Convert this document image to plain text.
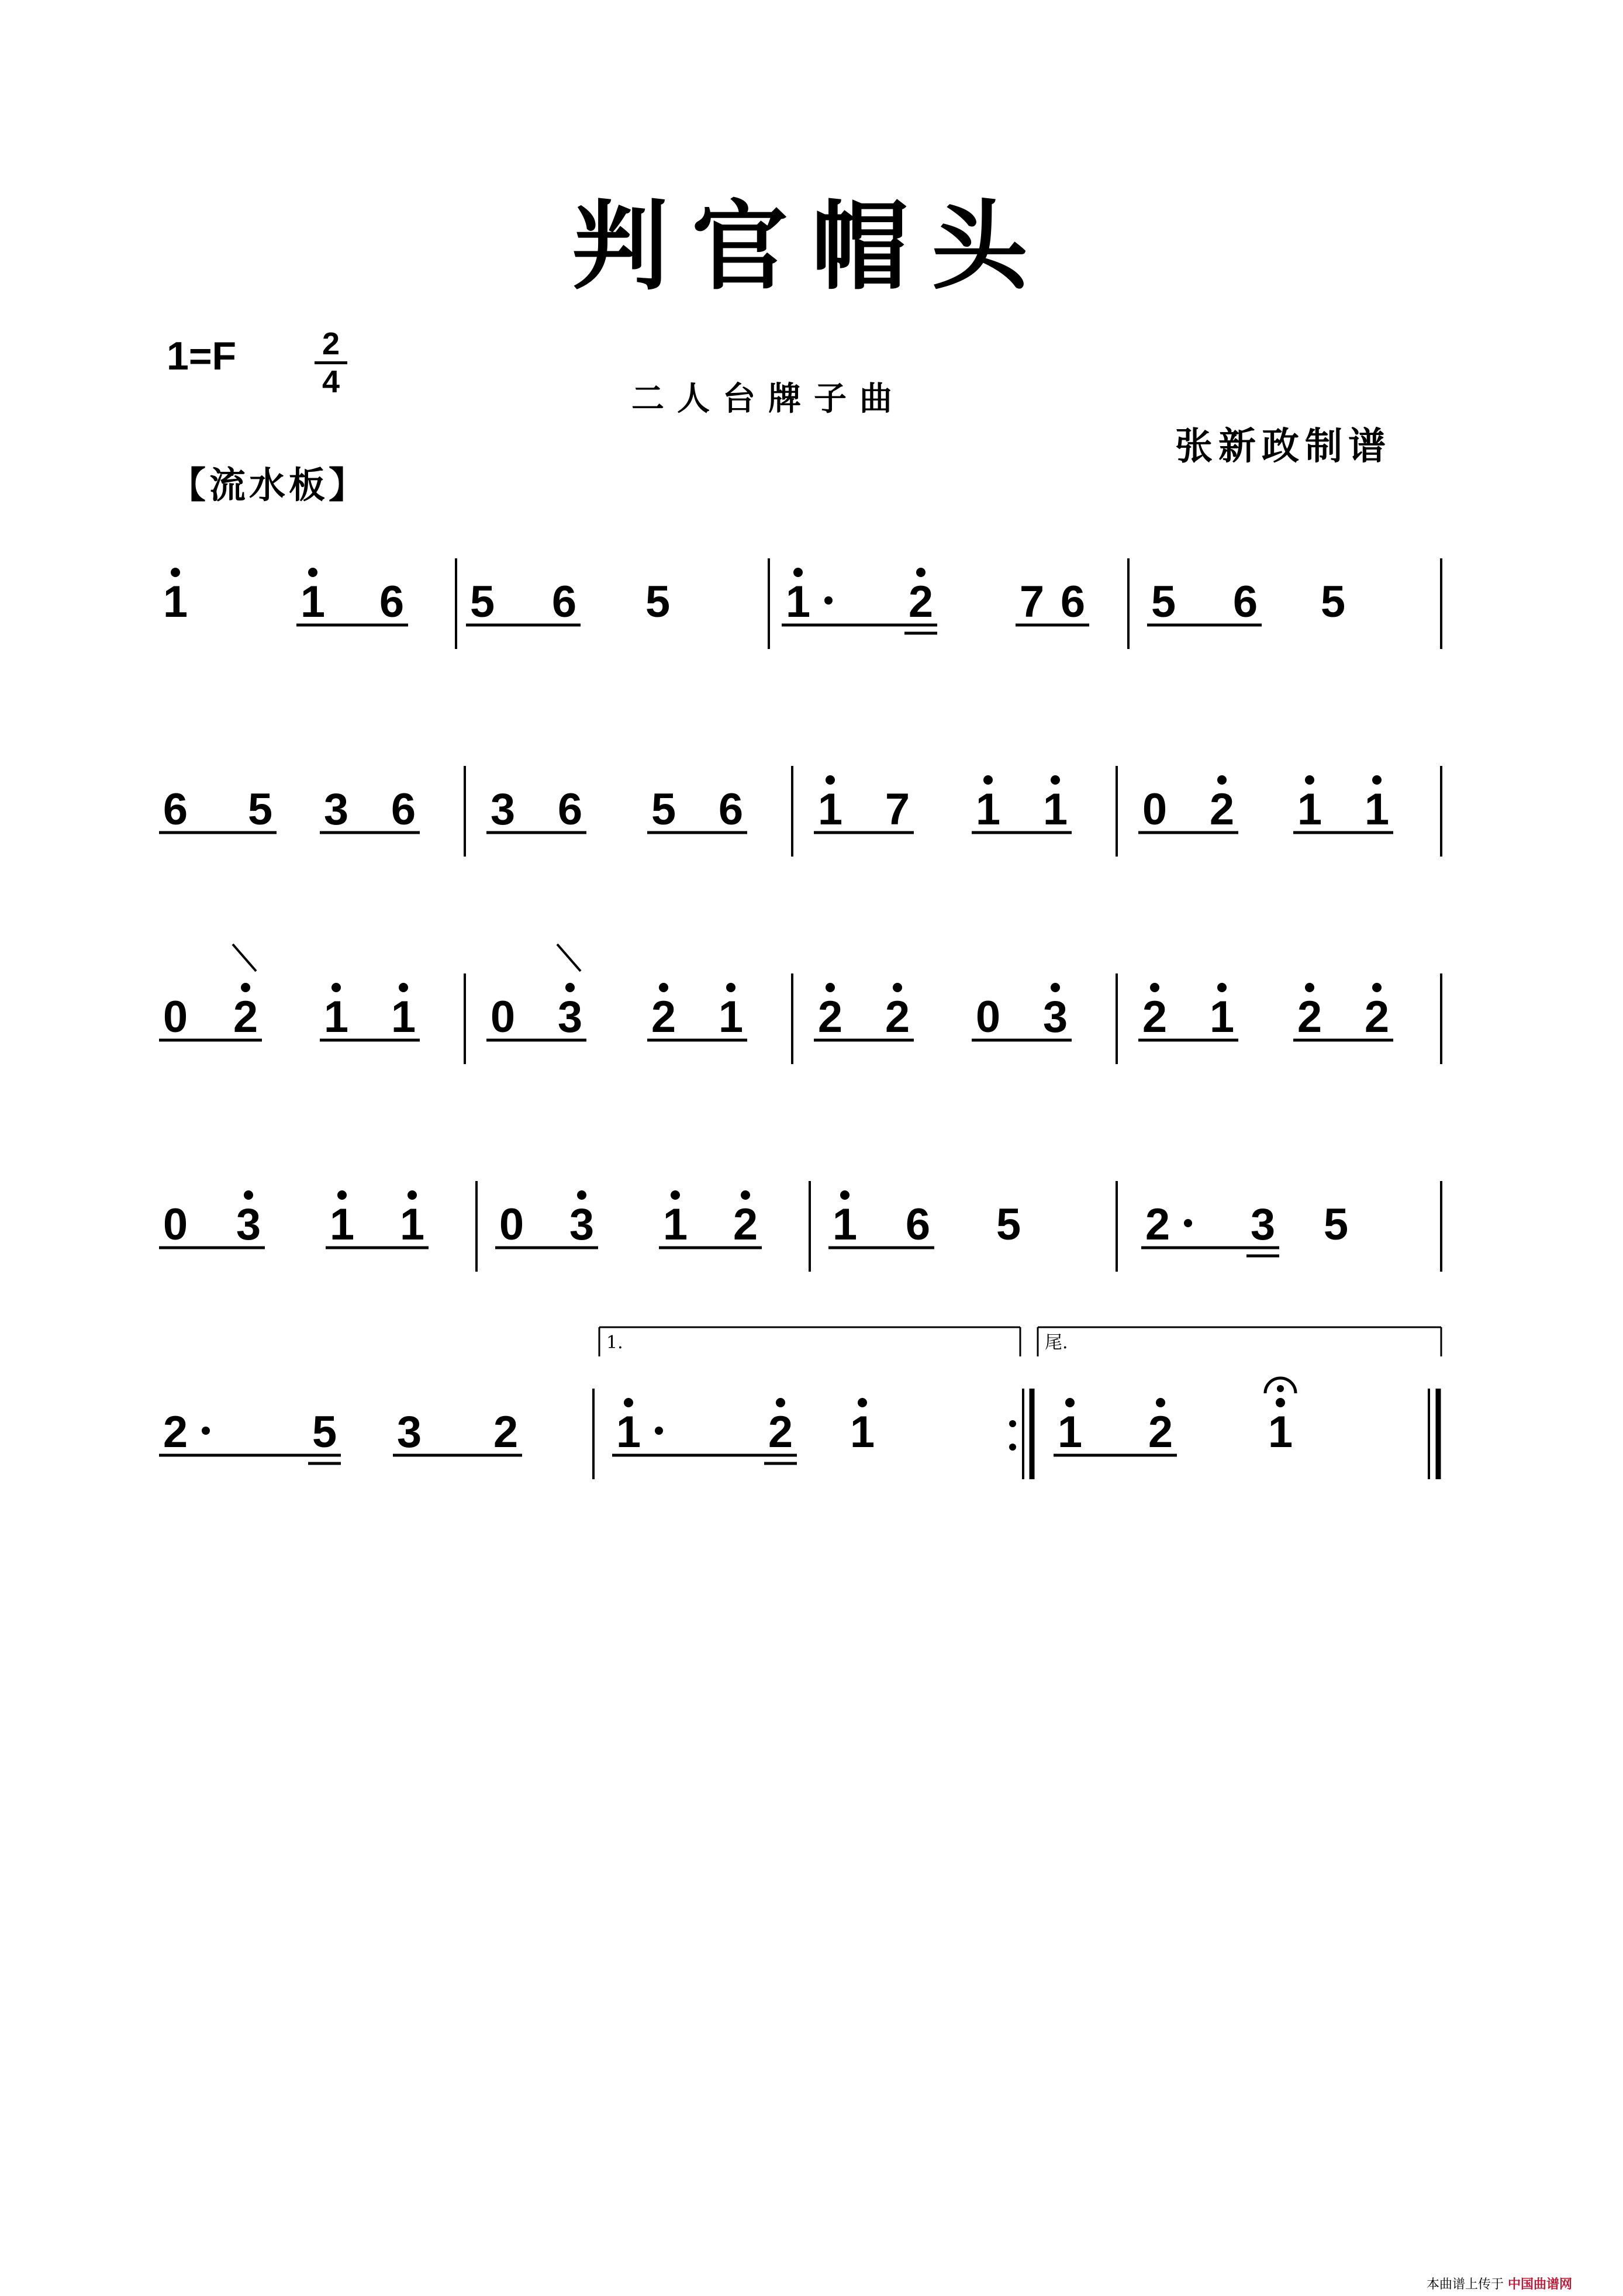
判官帽头
1=F	2
4	二人台牌子曲
张新政制谱
【流水板】
1	1 6 5 6 5	1 2 7 6 5 6 5
6 5 3 6 3 6 5 6 1 7 1 1 0 2 1 1
0 2 1 1 0 3 2 1 2 2 0 3 2 1 2 2
0 3 1 1 0 3 1 2 1 6 5	2 3 5
2	5 3 2 1	2 1	1 2 1
1.	尾.
本曲谱上传于 中国曲谱网
